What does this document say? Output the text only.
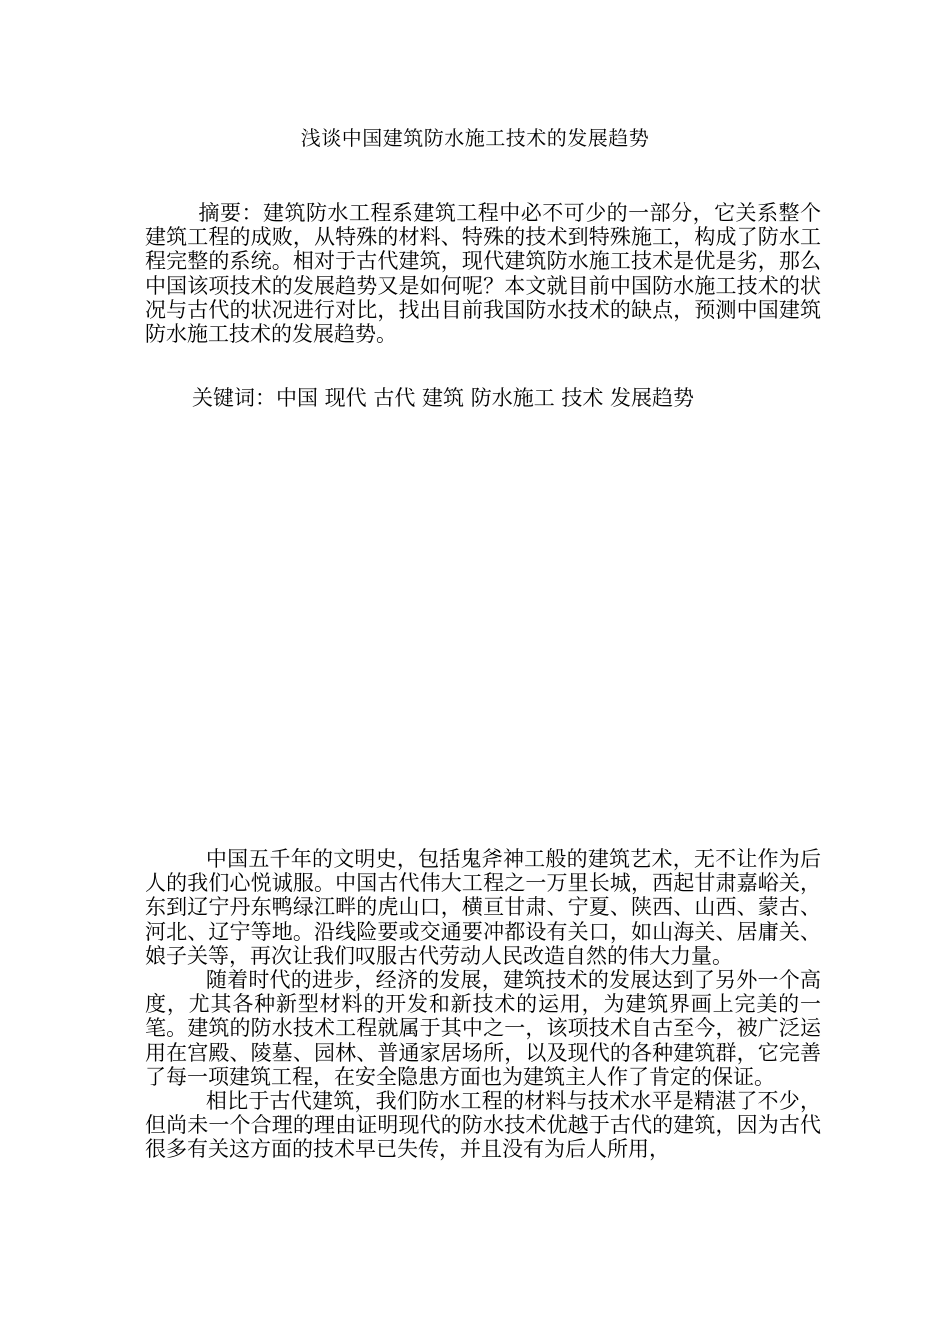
浅谈中国建筑防水施工技术的发展趋势

摘要：建筑防水工程系建筑工程中必不可少的一部分，它关系整个建筑工程的成败，从特殊的材料、特殊的技术到特殊施工，构成了防水工程完整的系统。相对于古代建筑，现代建筑防水施工技术是优是劣，那么中国该项技术的发展趋势又是如何呢？本文就目前中国防水施工技术的状况与古代的状况进行对比，找出目前我国防水技术的缺点，预测中国建筑防水施工技术的发展趋势。

关键词：中国 现代 古代 建筑 防水施工 技术 发展趋势

中国五千年的文明史，包括鬼斧神工般的建筑艺术，无不让作为后人的我们心悦诚服。中国古代伟大工程之一万里长城，西起甘肃嘉峪关，东到辽宁丹东鸭绿江畔的虎山口，横亘甘肃、宁夏、陕西、山西、蒙古、河北、辽宁等地。沿线险要或交通要冲都设有关口，如山海关、居庸关、娘子关等，再次让我们叹服古代劳动人民改造自然的伟大力量。

随着时代的进步，经济的发展，建筑技术的发展达到了另外一个高度，尤其各种新型材料的开发和新技术的运用，为建筑界画上完美的一笔。建筑的防水技术工程就属于其中之一，该项技术自古至今，被广泛运用在宫殿、陵墓、园林、普通家居场所，以及现代的各种建筑群，它完善了每一项建筑工程，在安全隐患方面也为建筑主人作了肯定的保证。

相比于古代建筑，我们防水工程的材料与技术水平是精湛了不少，但尚未一个合理的理由证明现代的防水技术优越于古代的建筑，因为古代很多有关这方面的技术早已失传，并且没有为后人所用，
